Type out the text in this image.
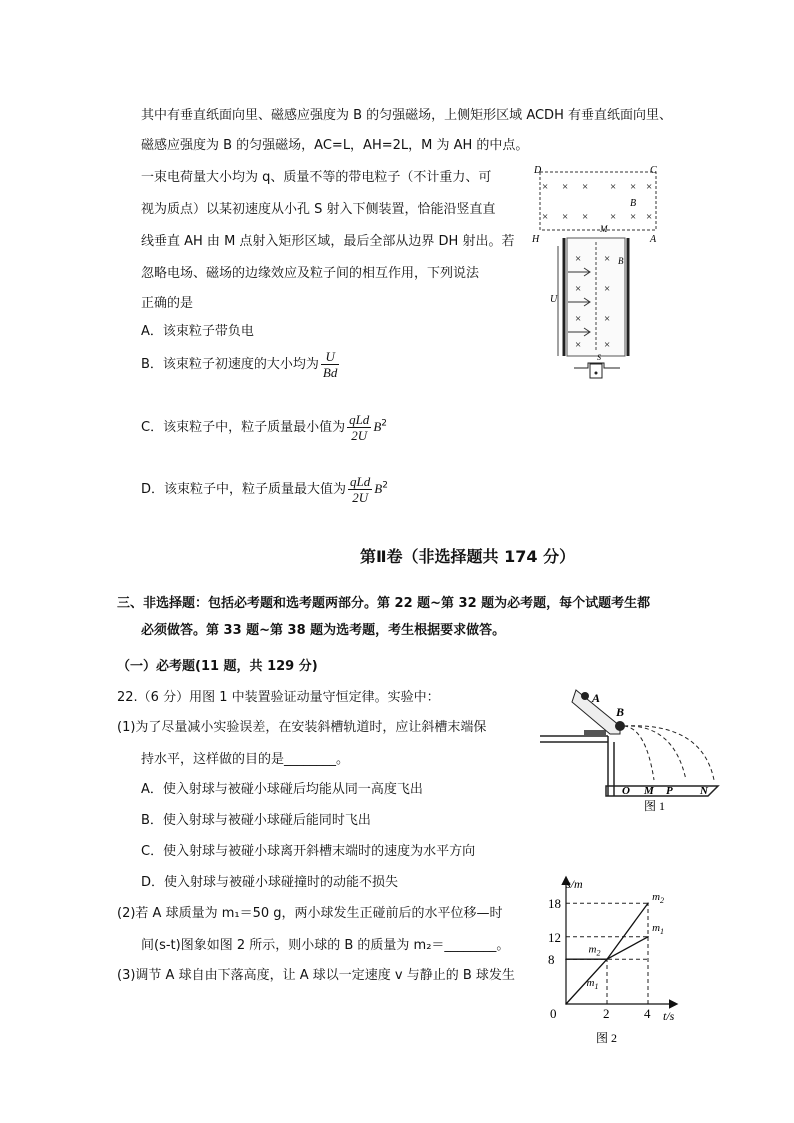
其中有垂直纸面向里、磁感应强度为 B 的匀强磁场，上侧矩形区域 ACDH 有垂直纸面向里、
磁感应强度为 B 的匀强磁场，AC=L，AH=2L，M 为 AH 的中点。
一束电荷量大小均为 q、质量不等的带电粒子（不计重力、可
视为质点）以某初速度从小孔 S 射入下侧装置，恰能沿竖直直
线垂直 AH 由 M 点射入矩形区域，最后全部从边界 DH 射出。若
忽略电场、磁场的边缘效应及粒子间的相互作用，下列说法
正确的是
A．该束粒子带负电
B．该束粒子初速度的大小均为 $\frac{U}{Bd}$
C．该束粒子中，粒子质量最小值为 $\frac{\text{qLd}}{2U} B^2$
D．该束粒子中，粒子质量最大值为 $\frac{\text{qLd}}{2U} B^2$
× × × × × ×
× × × × × ×
D	C
B
H
M
A
× ×
× ×
× ×
× ×
B
U
S
第Ⅱ卷（非选择题共 174 分）
三、非选择题：包括必考题和选考题两部分。第 22 题~第 32 题为必考题，每个试题考生都
必须做答。第 33 题~第 38 题为选考题，考生根据要求做答。
（一）必考题(11 题，共 129 分)
22.（6 分）用图 1 中装置验证动量守恒定律。实验中：
(1)为了尽量减小实验误差，在安装斜槽轨道时，应让斜槽末端保
持水平，这样做的目的是________。
A．使入射球与被碰小球碰后均能从同一高度飞出
B．使入射球与被碰小球碰后能同时飞出
C．使入射球与被碰小球离开斜槽末端时的速度为水平方向
D．使入射球与被碰小球碰撞时的动能不损失
(2)若 A 球质量为 m₁＝50 g，两小球发生正碰前后的水平位移—时
间(s-t)图象如图 2 所示，则小球的 B 的质量为 m₂＝________。
(3)调节 A 球自由下落高度，让 A 球以一定速度 v 与静止的 B 球发生
A
B
O M P N
图 1
s/m
t/s
8
12
18
0	2	4
$m_1$
$m_2$
$m_2$
$m_1$
图 2
